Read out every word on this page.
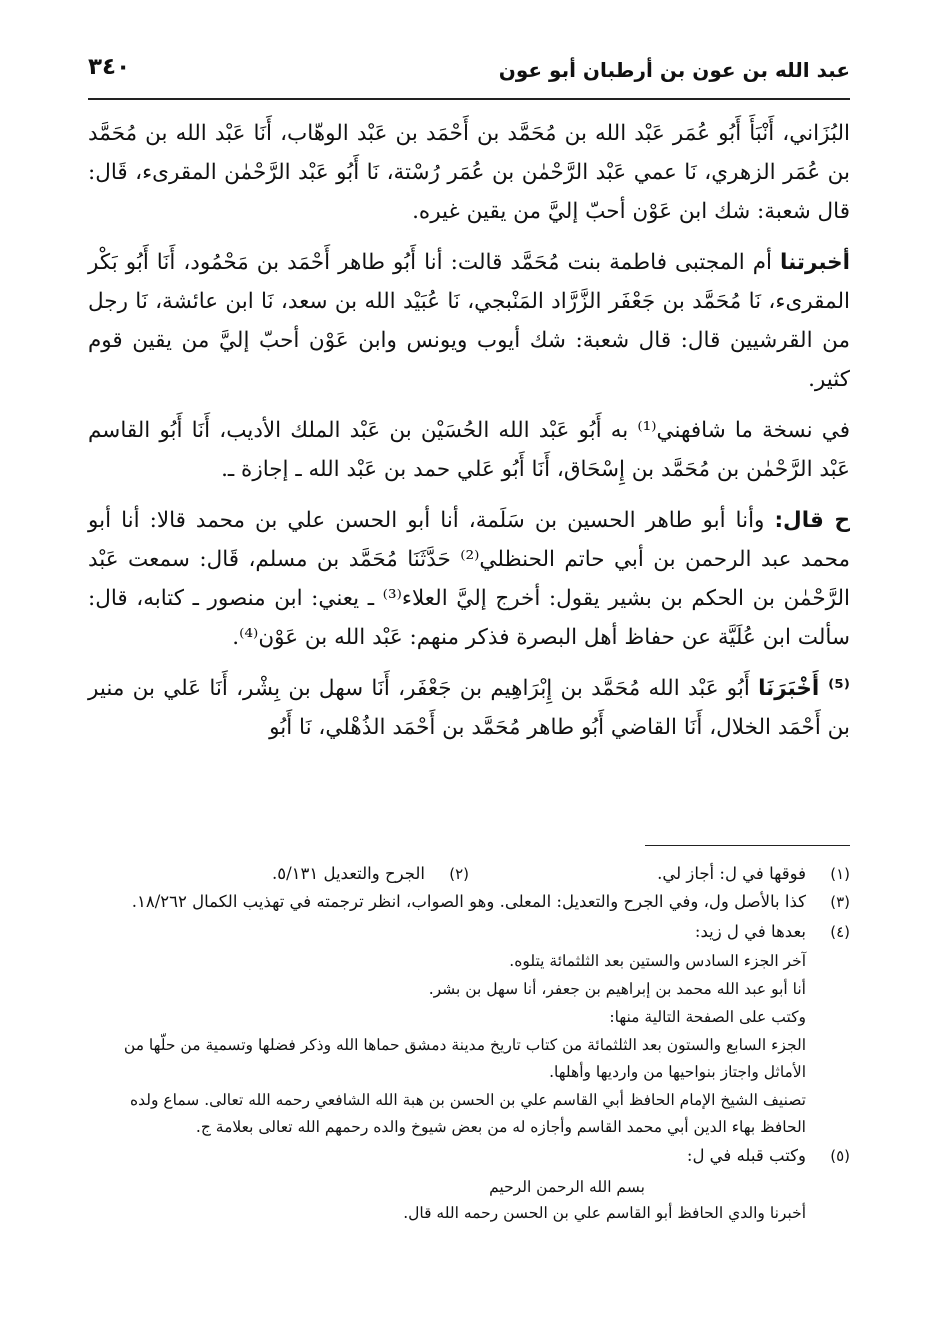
عبد الله بن عون بن أرطبان أبو عون
٣٤٠

البُزَاني، أَنْبَأَ أَبُو عُمَر عَبْد الله بن مُحَمَّد بن أَحْمَد بن عَبْد الوهّاب، أَنَا عَبْد الله بن مُحَمَّد بن عُمَر الزهري، نَا عمي عَبْد الرَّحْمٰن بن عُمَر رُسْتة، نَا أَبُو عَبْد الرَّحْمٰن المقرىء، قَال: قال شعبة: شك ابن عَوْن أحبّ إليَّ من يقين غيره.

أخبرتنا أم المجتبى فاطمة بنت مُحَمَّد قالت: أنا أَبُو طاهر أَحْمَد بن مَحْمُود، أَنَا أَبُو بَكْر المقرىء، نَا مُحَمَّد بن جَعْفَر الزَّرَّاد المَنْبجي، نَا عُبَيْد الله بن سعد، نَا ابن عائشة، نَا رجل من القرشيين قال: قال شعبة: شك أيوب ويونس وابن عَوْن أحبّ إليَّ من يقين قوم كثير.

في نسخة ما شافهني⁽¹⁾ به أَبُو عَبْد الله الحُسَيْن بن عَبْد الملك الأديب، أَنَا أَبُو القاسم عَبْد الرَّحْمٰن بن مُحَمَّد بن إِسْحَاق، أَنَا أَبُو عَلي حمد بن عَبْد الله ـ إجازة ـ.

ح قال: وأنا أبو طاهر الحسين بن سَلَمة، أنا أبو الحسن علي بن محمد قالا: أنا أبو محمد عبد الرحمن بن أبي حاتم الحنظلي⁽²⁾ حَدَّثَنَا مُحَمَّد بن مسلم، قَال: سمعت عَبْد الرَّحْمٰن بن الحكم بن بشير يقول: أخرج إليَّ العلاء⁽³⁾ ـ يعني: ابن منصور ـ كتابه، قال: سألت ابن عُلَيَّة عن حفاظ أهل البصرة فذكر منهم: عَبْد الله بن عَوْن⁽⁴⁾.

⁽⁵⁾ أَخْبَرَنَا أَبُو عَبْد الله مُحَمَّد بن إِبْرَاهِيم بن جَعْفَر، أَنَا سهل بن بِشْر، أَنَا عَلي بن منير بن أَحْمَد الخلال، أَنَا القاضي أَبُو طاهر مُحَمَّد بن أَحْمَد الذُهْلي، نَا أَبُو

(١)
فوقها في ل: أجاز لي.
(٢)
الجرح والتعديل ٥/١٣١.
(٣)
كذا بالأصل ول، وفي الجرح والتعديل: المعلى. وهو الصواب، انظر ترجمته في تهذيب الكمال ١٨/٢٦٢.
(٤)
بعدها في ل زيد:

آخر الجزء السادس والستين بعد الثلثمائة يتلوه.

أنا أبو عبد الله محمد بن إبراهيم بن جعفر، أنا سهل بن بشر.

وكتب على الصفحة التالية منها:

الجزء السابع والستون بعد الثلثمائة من كتاب تاريخ مدينة دمشق حماها الله وذكر فضلها وتسمية من حلّها من الأماثل واجتاز بنواحيها من وارديها وأهلها.

تصنيف الشيخ الإمام الحافظ أبي القاسم علي بن الحسن بن هبة الله الشافعي رحمه الله تعالى. سماع ولده الحافظ بهاء الدين أبي محمد القاسم وأجازه له من بعض شيوخ والده رحمهم الله تعالى بعلامة ج.

(٥)
وكتب قبله في ل:
بسم الله الرحمن الرحيم
أخبرنا والدي الحافظ أبو القاسم علي بن الحسن رحمه الله قال.
